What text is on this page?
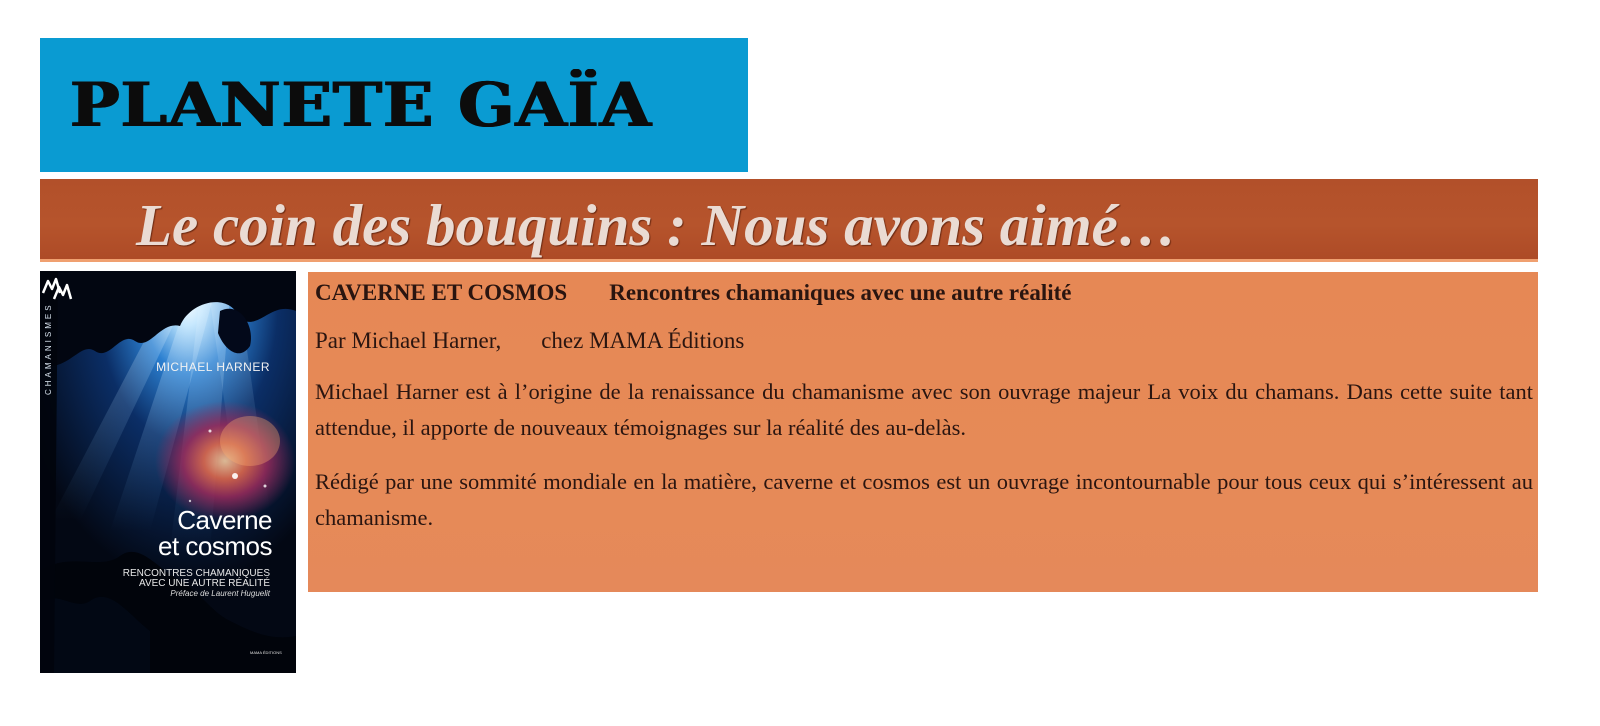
PLANETE GAÏA
Le coin des bouquins : Nous avons aimé…
CHAMANISMES	MICHAEL HARNER
Caverne
et cosmos
RENCONTRES CHAMANIQUES
AVEC UNE AUTRE RÉALITÉ
Préface de Laurent Huguelit
MAMA ÉDITIONS
CAVERNE ET COSMOS Rencontres chamaniques avec une autre réalité
Par Michael Harner, chez MAMA Éditions
Michael Harner est à l’origine de la renaissance du chamanisme avec son ouvrage majeur La voix du chamans. Dans cette suite tant attendue, il apporte de nouveaux témoignages sur la réalité des au-delàs.
Rédigé par une sommité mondiale en la matière, caverne et cosmos est un ouvrage incontournable pour tous ceux qui s’intéressent au chamanisme.
